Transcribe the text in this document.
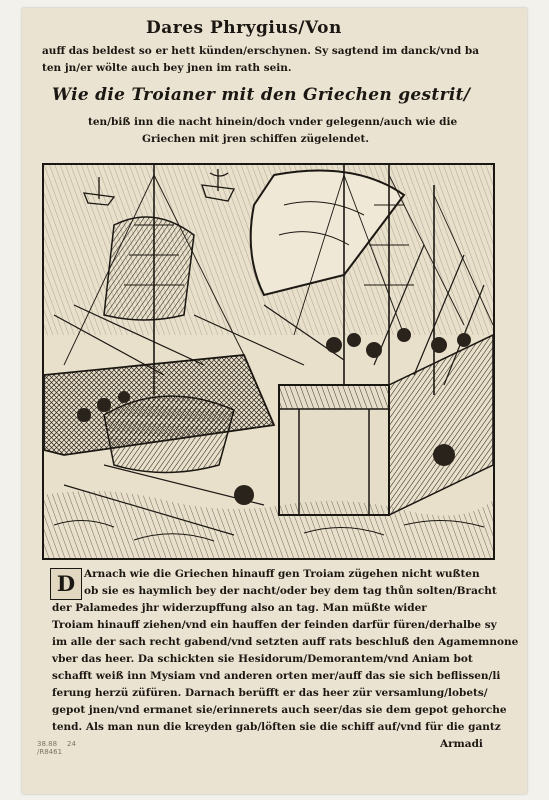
Dares Phrygius/Von
auff das beldest so er hett künden/erschynen. Sy sagtend im danck/vnd ba
ten jn/er wölte auch bey jnen im rath sein.
Wie die Troianer mit den Griechen gestrit/
ten/biß inn die nacht hinein/doch vnder gelegenn/auch wie die
Griechen mit jren schiffen zügelendet.
D Arnach wie die Griechen hinauff gen Troiam zügehen nicht wußten
ob sie es haymlich bey der nacht/oder bey dem tag thůn solten/Bracht
der Palamedes jhr widerzupffung also an tag. Man müßte wider
Troiam hinauff ziehen/vnd ein hauffen der feinden darfür füren/derhalbe sy
im alle der sach recht gabend/vnd setzten auff rats beschluß den Agamemnone
vber das heer. Da schickten sie Hesidorum/Demorantem/vnd Aniam bot
schafft weiß inn Mysiam vnd anderen orten mer/auff das sie sich beflissen/li
ferung herzü züfüren. Darnach berüfft er das heer zür versamlung/lobets/
gepot jnen/vnd ermanet sie/erinnerets auch seer/das sie dem gepot gehorche
tend. Als man nun die kreyden gab/löften sie die schiff auf/vnd für die gantz
Armadi
38.88
/R8461
24
